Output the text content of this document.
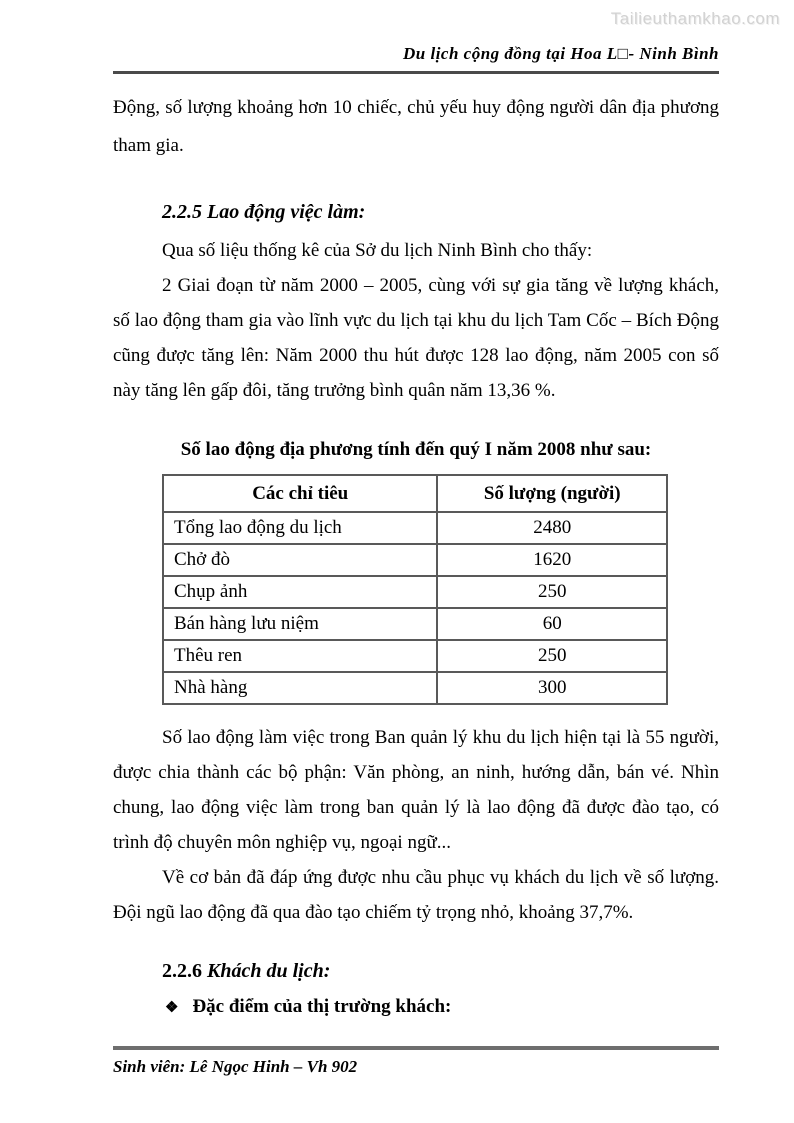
Tailieuthamkhao.com
Du lịch cộng đồng tại Hoa L□- Ninh Bình

Động, số lượng khoảng hơn 10 chiếc, chủ yếu huy động người dân địa phương tham gia.

2.2.5 Lao động việc làm:

Qua số liệu thống kê của Sở du lịch Ninh Bình cho thấy:

2 Giai đoạn từ năm 2000 – 2005, cùng với sự gia tăng về lượng khách, số lao động tham gia vào lĩnh vực du lịch tại khu du lịch Tam Cốc – Bích Động cũng được tăng lên: Năm 2000 thu hút được 128 lao động, năm 2005 con số này tăng lên gấp đôi, tăng trưởng bình quân năm 13,36 %.

Số lao động địa phương tính đến quý I năm 2008 như sau:
Các chỉ tiêu	Số lượng (người)
Tổng lao động du lịch	2480
Chở đò	1620
Chụp ảnh	250
Bán hàng lưu niệm	60
Thêu ren	250
Nhà hàng	300

Số lao động làm việc trong Ban quản lý khu du lịch hiện tại là 55 người, được chia thành các bộ phận: Văn phòng, an ninh, hướng dẫn, bán vé. Nhìn chung, lao động việc làm trong ban quản lý là lao động đã được đào tạo, có trình độ chuyên môn nghiệp vụ, ngoại ngữ...

Về cơ bản đã đáp ứng được nhu cầu phục vụ khách du lịch về số lượng. Đội ngũ lao động đã qua đào tạo chiếm tỷ trọng nhỏ, khoảng 37,7%.

2.2.6 Khách du lịch:
❖ Đặc điểm của thị trường khách:
Sinh viên: Lê Ngọc Hinh – Vh 902
